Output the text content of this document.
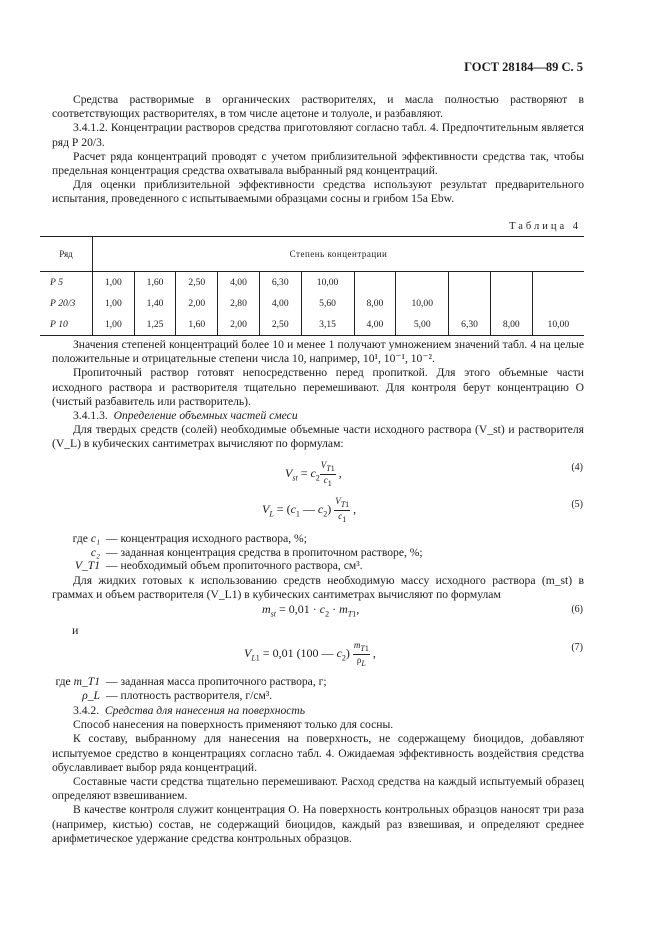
ГОСТ 28184—89 С. 5

Средства растворимые в органических растворителях, и масла полностью растворяют в соответствующих растворителях, в том числе ацетоне и толуоле, и разбавляют.

3.4.1.2. Концентрации растворов средства приготовляют согласно табл. 4. Предпочтительным является ряд Р 20/3.

Расчет ряда концентраций проводят с учетом приблизительной эффективности средства так, чтобы предельная концентрация средства охватывала выбранный ряд концентраций.

Для оценки приблизительной эффективности средства используют результат предварительного испытания, проведенного с испытываемыми образцами сосны и грибом 15а Ebw.

Таблица 4
Ряд	Степень концентрации										
Р 5	1,00	1,60	2,50	4,00	6,30	10,00					
Р 20/3	1,00	1,40	2,00	2,80	4,00	5,60	8,00	10,00			
Р 10	1,00	1,25	1,60	2,00	2,50	3,15	4,00	5,00	6,30	8,00	10,00

Значения степеней концентраций более 10 и менее 1 получают умножением значений табл. 4 на целые положительные и отрицательные степени числа 10, например, 10¹, 10⁻¹, 10⁻².

Пропиточный раствор готовят непосредственно перед пропиткой. Для этого объемные части исходного раствора и растворителя тщательно перемешивают. Для контроля берут концентрацию О (чистый разбавитель или растворитель).

3.4.1.3. Определение объемных частей смеси

Для твердых средств (солей) необходимые объемные части исходного раствора (V_st) и растворителя (V_L) в кубических сантиметрах вычисляют по формулам:

$V_{st} = c_2 \frac{V_{T1}}{c_1}$ ,	(4)
$V_L = (c_1$ — $c_2) \frac{V_{T1}}{c_1}$ ,	(5)
где c₁ — концентрация исходного раствора, %;
c₂ — заданная концентрация средства в пропиточном растворе, %;
V_T1 — необходимый объем пропиточного раствора, см³.

Для жидких готовых к использованию средств необходимую массу исходного раствора (m_st) в граммах и объем растворителя (V_L1) в кубических сантиметрах вычисляют по формулам

$m_{st} = 0,01 \cdot c_2 \cdot m_{T1}$,	(6)
и
$V_{L1} = 0,01$ (100 — $c_2) \frac{m_{T1}}{\rho_L}$ ,	(7)
где m_T1 — заданная масса пропиточного раствора, г;
ρ_L — плотность растворителя, г/см³.

3.4.2. Средства для нанесения на поверхность

Способ нанесения на поверхность применяют только для сосны.

К составу, выбранному для нанесения на поверхность, не содержащему биоцидов, добавляют испытуемое средство в концентрациях согласно табл. 4. Ожидаемая эффективность воздействия средства обуславливает выбор ряда концентраций.

Составные части средства тщательно перемешивают. Расход средства на каждый испытуемый образец определяют взвешиванием.

В качестве контроля служит концентрация О. На поверхность контрольных образцов наносят три раза (например, кистью) состав, не содержащий биоцидов, каждый раз взвешивая, и определяют среднее арифметическое удержание средства контрольных образцов.
